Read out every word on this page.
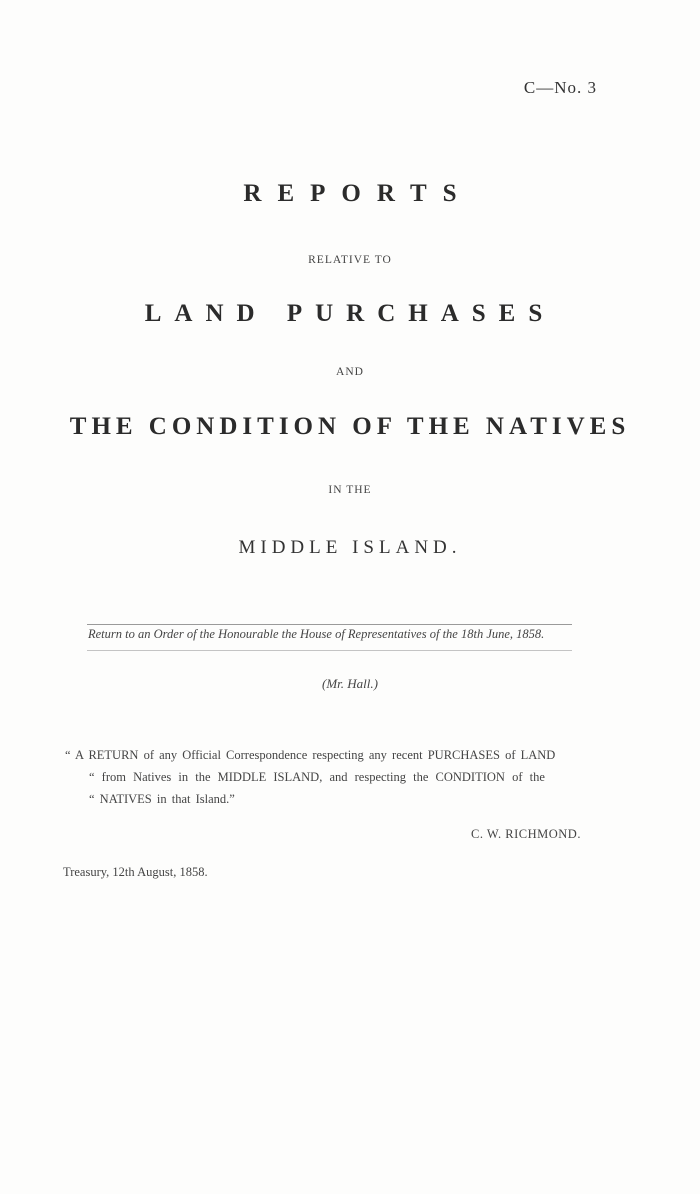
C—No. 3
REPORTS
RELATIVE TO
LAND PURCHASES
AND
THE CONDITION OF THE NATIVES
IN THE
MIDDLE ISLAND.
Return to an Order of the Honourable the House of Representatives of the 18th June, 1858.
(Mr. Hall.)
“ A RETURN of any Official Correspondence respecting any recent PURCHASES of LAND
“ from Natives in the MIDDLE ISLAND, and respecting the CONDITION of the
“ NATIVES in that Island.”
C. W. RICHMOND.
Treasury, 12th August, 1858.
